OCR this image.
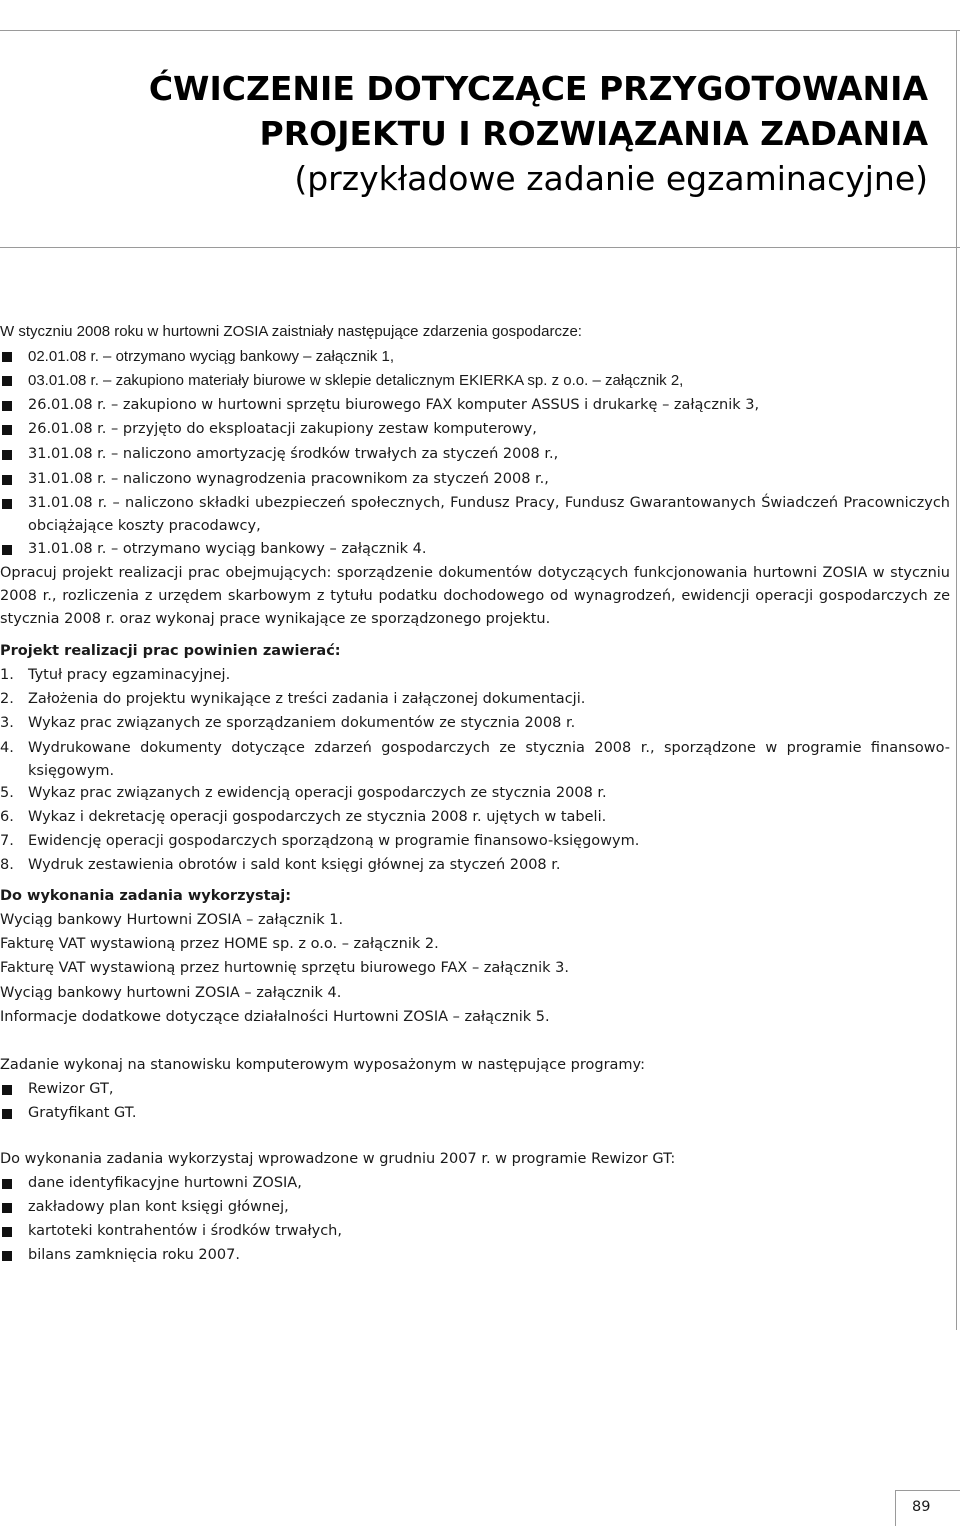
ĆWICZENIE DOTYCZĄCE PRZYGOTOWANIA
PROJEKTU I ROZWIĄZANIA ZADANIA
(przykładowe zadanie egzaminacyjne)
W styczniu 2008 roku w hurtowni ZOSIA zaistniały następujące zdarzenia gospodarcze:
02.01.08 r. – otrzymano wyciąg bankowy – załącznik 1,
03.01.08 r. – zakupiono materiały biurowe w sklepie detalicznym EKIERKA sp. z o.o. – załącznik 2,
26.01.08 r. – zakupiono w hurtowni sprzętu biurowego FAX komputer ASSUS i drukarkę – załącznik 3,
26.01.08 r. – przyjęto do eksploatacji zakupiony zestaw komputerowy,
31.01.08 r. – naliczono amortyzację środków trwałych za styczeń 2008 r.,
31.01.08 r. – naliczono wynagrodzenia pracownikom za styczeń 2008 r.,
31.01.08 r. – naliczono składki ubezpieczeń społecznych, Fundusz Pracy, Fundusz Gwarantowanych Świadczeń Pracowniczych obciążające koszty pracodawcy,
31.01.08 r. – otrzymano wyciąg bankowy – załącznik 4.
Opracuj projekt realizacji prac obejmujących: sporządzenie dokumentów dotyczących funkcjonowania hurtowni ZOSIA w styczniu 2008 r., rozliczenia z urzędem skarbowym z tytułu podatku dochodowego od wynagrodzeń, ewidencji operacji gospodarczych ze stycznia 2008 r. oraz wykonaj prace wynikające ze sporządzonego projektu.
Projekt realizacji prac powinien zawierać:
1. Tytuł pracy egzaminacyjnej.
2. Założenia do projektu wynikające z treści zadania i załączonej dokumentacji.
3. Wykaz prac związanych ze sporządzaniem dokumentów ze stycznia 2008 r.
4. Wydrukowane dokumenty dotyczące zdarzeń gospodarczych ze stycznia 2008 r., sporządzone w programie finansowo-księgowym.
5. Wykaz prac związanych z ewidencją operacji gospodarczych ze stycznia 2008 r.
6. Wykaz i dekretację operacji gospodarczych ze stycznia 2008 r. ujętych w tabeli.
7. Ewidencję operacji gospodarczych sporządzoną w programie finansowo-księgowym.
8. Wydruk zestawienia obrotów i sald kont księgi głównej za styczeń 2008 r.
Do wykonania zadania wykorzystaj:
Wyciąg bankowy Hurtowni ZOSIA – załącznik 1.
Fakturę VAT wystawioną przez HOME sp. z o.o. – załącznik 2.
Fakturę VAT wystawioną przez hurtownię sprzętu biurowego FAX – załącznik 3.
Wyciąg bankowy hurtowni ZOSIA – załącznik 4.
Informacje dodatkowe dotyczące działalności Hurtowni ZOSIA – załącznik 5.
Zadanie wykonaj na stanowisku komputerowym wyposażonym w następujące programy:
Rewizor GT,
Gratyfikant GT.
Do wykonania zadania wykorzystaj wprowadzone w grudniu 2007 r. w programie Rewizor GT:
dane identyfikacyjne hurtowni ZOSIA,
zakładowy plan kont księgi głównej,
kartoteki kontrahentów i środków trwałych,
bilans zamknięcia roku 2007.
89
